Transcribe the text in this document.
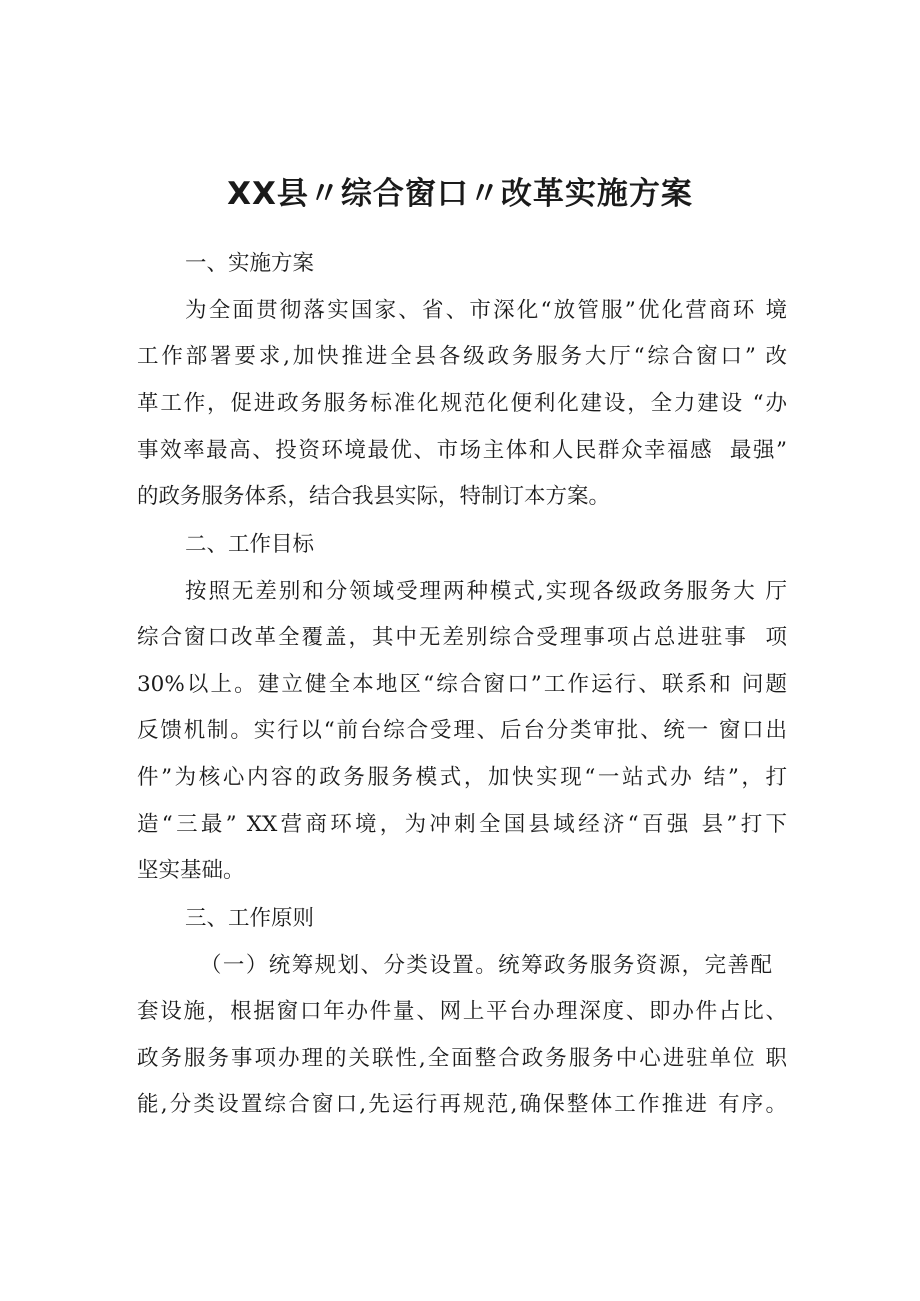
XX县〃综合窗口〃改革实施方案

一、实施方案

为全面贯彻落实国家、省、市深化“放管服”优化营商环 境

工作部署要求,加快推进全县各级政务服务大厅“综合窗口” 改

革工作，促进政务服务标准化规范化便利化建设，全力建设 “办

事效率最高、投资环境最优、市场主体和人民群众幸福感  最强”

的政务服务体系，结合我县实际，特制订本方案。

二、工作目标

按照无差别和分领域受理两种模式,实现各级政务服务大 厅

综合窗口改革全覆盖，其中无差别综合受理事项占总进驻事  项

30%以上。建立健全本地区“综合窗口”工作运行、联系和 问题

反馈机制。实行以“前台综合受理、后台分类审批、统一 窗口出

件”为核心内容的政务服务模式，加快实现“一站式办 结”，打

造“三最” XX营商环境，为冲刺全国县域经济“百强 县”打下

坚实基础。

三、工作原则

（一）统筹规划、分类设置。统筹政务服务资源，完善配

套设施，根据窗口年办件量、网上平台办理深度、即办件占比、

政务服务事项办理的关联性,全面整合政务服务中心进驻单位 职

能,分类设置综合窗口,先运行再规范,确保整体工作推进 有序。
